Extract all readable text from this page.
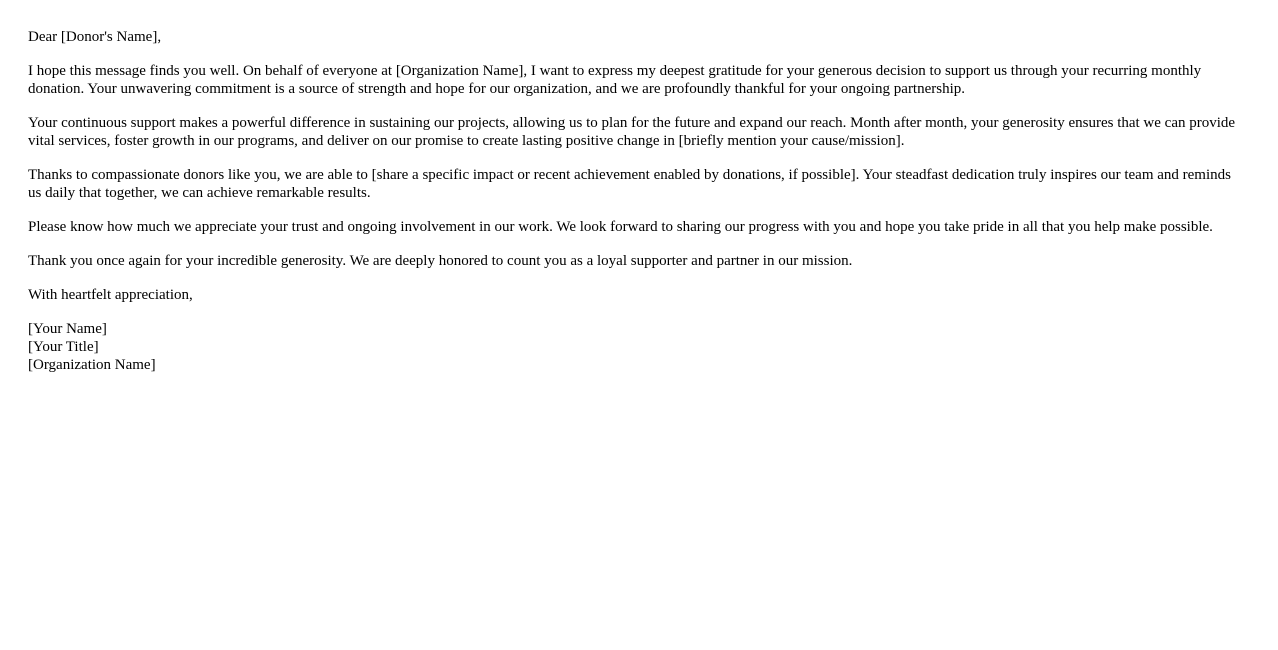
Dear [Donor's Name],

I hope this message finds you well. On behalf of everyone at [Organization Name], I want to express my deepest gratitude for your generous decision to support us through your recurring monthly donation. Your unwavering commitment is a source of strength and hope for our organization, and we are profoundly thankful for your ongoing partnership.

Your continuous support makes a powerful difference in sustaining our projects, allowing us to plan for the future and expand our reach. Month after month, your generosity ensures that we can provide vital services, foster growth in our programs, and deliver on our promise to create lasting positive change in [briefly mention your cause/mission].

Thanks to compassionate donors like you, we are able to [share a specific impact or recent achievement enabled by donations, if possible]. Your steadfast dedication truly inspires our team and reminds us daily that together, we can achieve remarkable results.

Please know how much we appreciate your trust and ongoing involvement in our work. We look forward to sharing our progress with you and hope you take pride in all that you help make possible.

Thank you once again for your incredible generosity. We are deeply honored to count you as a loyal supporter and partner in our mission.

With heartfelt appreciation,

[Your Name]
[Your Title]
[Organization Name]
